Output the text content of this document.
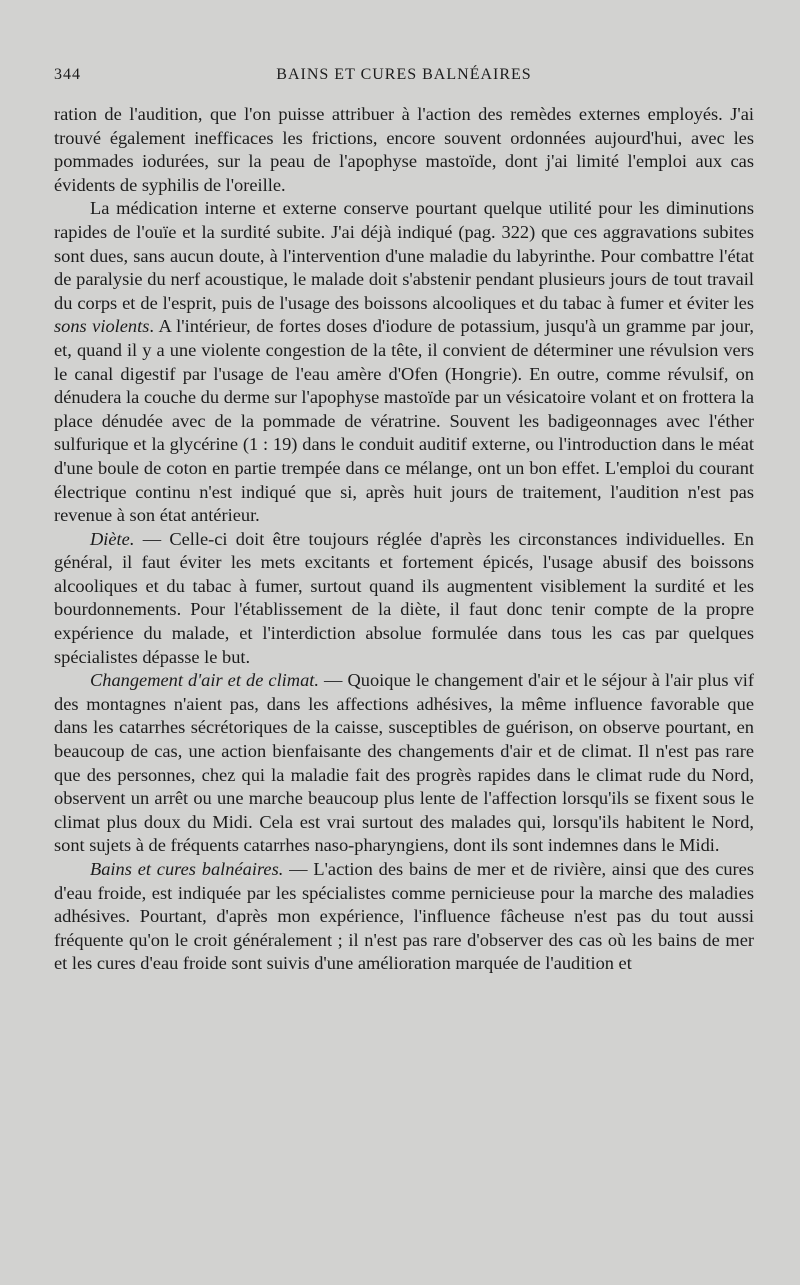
344	BAINS ET CURES BALNÉAIRES

ration de l'audition, que l'on puisse attribuer à l'action des remèdes externes employés. J'ai trouvé également inefficaces les frictions, encore souvent ordonnées aujourd'hui, avec les pommades iodurées, sur la peau de l'apophyse mastoïde, dont j'ai limité l'emploi aux cas évidents de syphilis de l'oreille.

La médication interne et externe conserve pourtant quelque utilité pour les diminutions rapides de l'ouïe et la surdité subite. J'ai déjà indiqué (pag. 322) que ces aggravations subites sont dues, sans aucun doute, à l'intervention d'une maladie du labyrinthe. Pour combattre l'état de paralysie du nerf acoustique, le malade doit s'abstenir pendant plusieurs jours de tout travail du corps et de l'esprit, puis de l'usage des boissons alcooliques et du tabac à fumer et éviter les sons violents. A l'intérieur, de fortes doses d'iodure de potassium, jusqu'à un gramme par jour, et, quand il y a une violente congestion de la tête, il convient de déterminer une révulsion vers le canal digestif par l'usage de l'eau amère d'Ofen (Hongrie). En outre, comme révulsif, on dénudera la couche du derme sur l'apophyse mastoïde par un vésicatoire volant et on frottera la place dénudée avec de la pommade de vératrine. Souvent les badigeonnages avec l'éther sulfurique et la glycérine (1 : 19) dans le conduit auditif externe, ou l'introduction dans le méat d'une boule de coton en partie trempée dans ce mélange, ont un bon effet. L'emploi du courant électrique continu n'est indiqué que si, après huit jours de traitement, l'audition n'est pas revenue à son état antérieur.

Diète. — Celle-ci doit être toujours réglée d'après les circonstances individuelles. En général, il faut éviter les mets excitants et fortement épicés, l'usage abusif des boissons alcooliques et du tabac à fumer, surtout quand ils augmentent visiblement la surdité et les bourdonnements. Pour l'établissement de la diète, il faut donc tenir compte de la propre expérience du malade, et l'interdiction absolue formulée dans tous les cas par quelques spécialistes dépasse le but.

Changement d'air et de climat. — Quoique le changement d'air et le séjour à l'air plus vif des montagnes n'aient pas, dans les affections adhésives, la même influence favorable que dans les catarrhes sécrétoriques de la caisse, susceptibles de guérison, on observe pourtant, en beaucoup de cas, une action bienfaisante des changements d'air et de climat. Il n'est pas rare que des personnes, chez qui la maladie fait des progrès rapides dans le climat rude du Nord, observent un arrêt ou une marche beaucoup plus lente de l'affection lorsqu'ils se fixent sous le climat plus doux du Midi. Cela est vrai surtout des malades qui, lorsqu'ils habitent le Nord, sont sujets à de fréquents catarrhes naso-pharyngiens, dont ils sont indemnes dans le Midi.

Bains et cures balnéaires. — L'action des bains de mer et de rivière, ainsi que des cures d'eau froide, est indiquée par les spécialistes comme pernicieuse pour la marche des maladies adhésives. Pourtant, d'après mon expérience, l'influence fâcheuse n'est pas du tout aussi fréquente qu'on le croit généralement ; il n'est pas rare d'observer des cas où les bains de mer et les cures d'eau froide sont suivis d'une amélioration marquée de l'audition et
